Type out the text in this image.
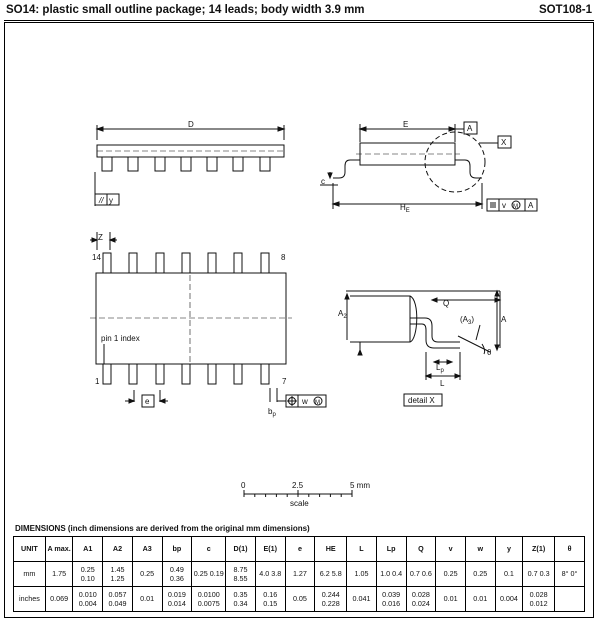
SO14: plastic small outline package; 14 leads; body width 3.9 mm	SOT108-1
D
// y
E	A
X
c
$H_E$
v M A
Z
14	8
1	7
pin 1 index
e
$b_p$
w M
$A_2$
Q
$(A_3)$	A
θ
$L_p$
L
detail X
0	2.5	5 mm
scale
DIMENSIONS (inch dimensions are derived from the original mm dimensions)
UNIT	A max.	A1	A2	A3	bp	c	D(1)	E(1)	e	HE	L	Lp	Q	v	w	y	Z(1)	θ
mm	1.75	0.25 0.10	1.45 1.25	0.25	0.49 0.36	0.25 0.19	8.75 8.55	4.0 3.8	1.27	6.2 5.8	1.05	1.0 0.4	0.7 0.6	0.25	0.25	0.1	0.7 0.3	8° 0°
inches	0.069	0.010 0.004	0.057 0.049	0.01	0.019 0.014	0.0100 0.0075	0.35 0.34	0.16 0.15	0.05	0.244 0.228	0.041	0.039 0.016	0.028 0.024	0.01	0.01	0.004	0.028 0.012	
